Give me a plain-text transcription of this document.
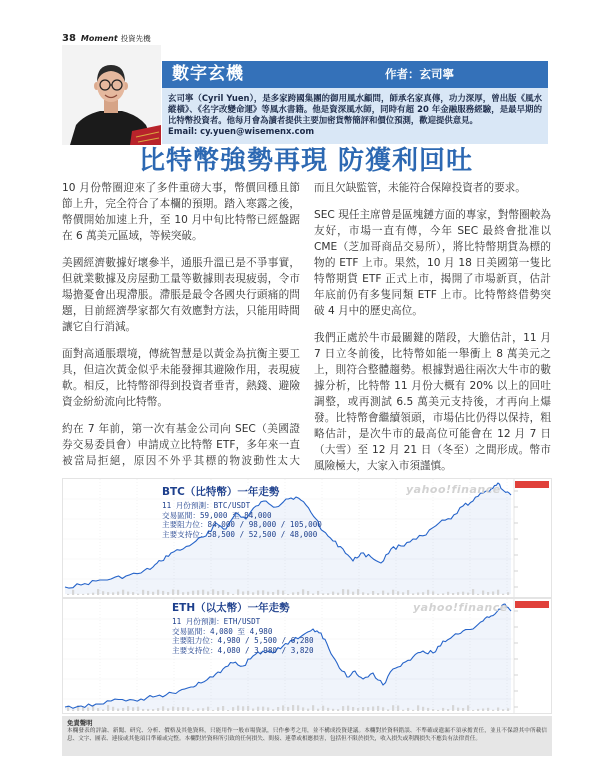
38 Moment 投資先機
數字玄機	作者：玄司寧
玄司寧（Cyril Yuen），是多家跨國集團的御用風水顧問，師承名家真傳，功力深厚，曾出版《風水縱橫》、《名字改變命運》等風水書籍。他是資深風水師，同時有超 20 年金融服務經驗，是最早期的比特幣投資者。他每月會為讀者提供主要加密貨幣簡評和價位預測，歡迎提供意見。
Email: cy.yuen@wisemenx.com
比特幣強勢再現 防獲利回吐

10 月份幣圈迎來了多件重磅大事，幣價回穩且節節上升，完全符合了本欄的預期。踏入寒露之後，幣價開始加速上升，至 10 月中旬比特幣已經盤踞在 6 萬美元區域，等候突破。

美國經濟數據好壞參半，通脹升溫已是不爭事實，但就業數據及房屋動工量等數據則表現疲弱，令市場擔憂會出現滯脹。滯脹是最令各國央行頭痛的問題，目前經濟學家都欠有效應對方法，只能用時間讓它自行消減。

面對高通脹環境，傳統智慧是以黃金為抗衡主要工具，但這次黃金似乎未能發揮其避險作用，表現疲軟。相反，比特幣卻得到投資者垂青，熱錢、避險資金紛紛流向比特幣。

約在 7 年前，第一次有基金公司向 SEC（美國證券交易委員會）申請成立比特幣 ETF，多年來一直被當局拒絕，原因不外乎其標的物波動性太大

而且欠缺監管，未能符合保障投資者的要求。

SEC 現任主席曾是區塊鏈方面的專家，對幣圈較為友好，市場一直有傳，今年 SEC 最終會批准以 CME（芝加哥商品交易所），將比特幣期貨為標的物的 ETF 上市。果然，10 月 18 日美國第一隻比特幣期貨 ETF 正式上市，揭開了市場新頁，估計年底前仍有多隻同類 ETF 上市。比特幣終借勢突破 4 月中的歷史高位。

我們正處於牛市最關鍵的階段，大膽估計，11 月 7 日立冬前後，比特幣如能一舉衝上 8 萬美元之上，則符合整體趨勢。根據對過往兩次大牛市的數據分析，比特幣 11 月份大概有 20% 以上的回吐調整，或再測試 6.5 萬美元支持後，才再向上爆發。比特幣會繼續領頭，市場佔比仍得以保持，粗略估計，是次牛市的最高位可能會在 12 月 7 日（大雪）至 12 月 21 日（冬至）之間形成。幣市風險極大，大家入市須謹慎。

yahoo!finance
BTC（比特幣）一年走勢
11 月份預測：BTC/USDT
交易區間：59,000 至 84,000
主要阻力位：84,000 / 98,000 / 105,000
主要支持位：58,500 / 52,500 / 48,000
yahoo!finance
ETH（以太幣）一年走勢
11 月份預測：ETH/USDT
交易區間：4,080 至 4,980
主要阻力位：4,980 / 5,500 / 6,280
主要支持位：4,080 / 3,980 / 3,820
免責聲明
本欄發表的評論、新聞、研究、分析、價格及其他資料，只能用作一般市場資訊，只作參考之用，並不構成投資建議。本欄對於資料錯誤、不準確或遺漏不須承擔責任，並且不保證其中所載信息、文字、圖表、連接或其他項目準確或完整。本欄對於資料所引致的任何損失、間接、連帶或相應損害，包括但不限於損失，收入損失或利潤損失不應負有法律責任。
